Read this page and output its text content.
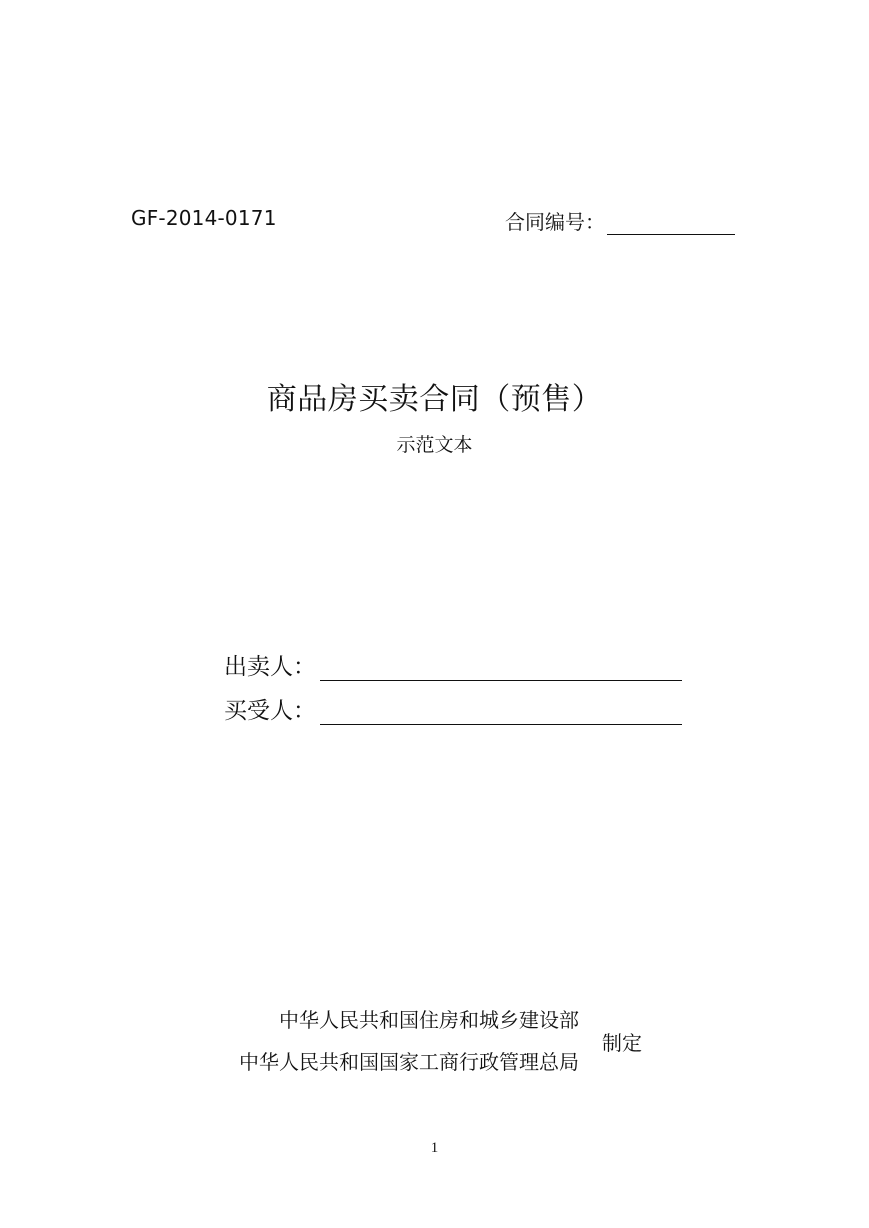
GF-2014-0171	合同编号：
商品房买卖合同（预售）
示范文本
出卖人：
买受人：
中华人民共和国住房和城乡建设部
中华人民共和国国家工商行政管理总局
制定
1
